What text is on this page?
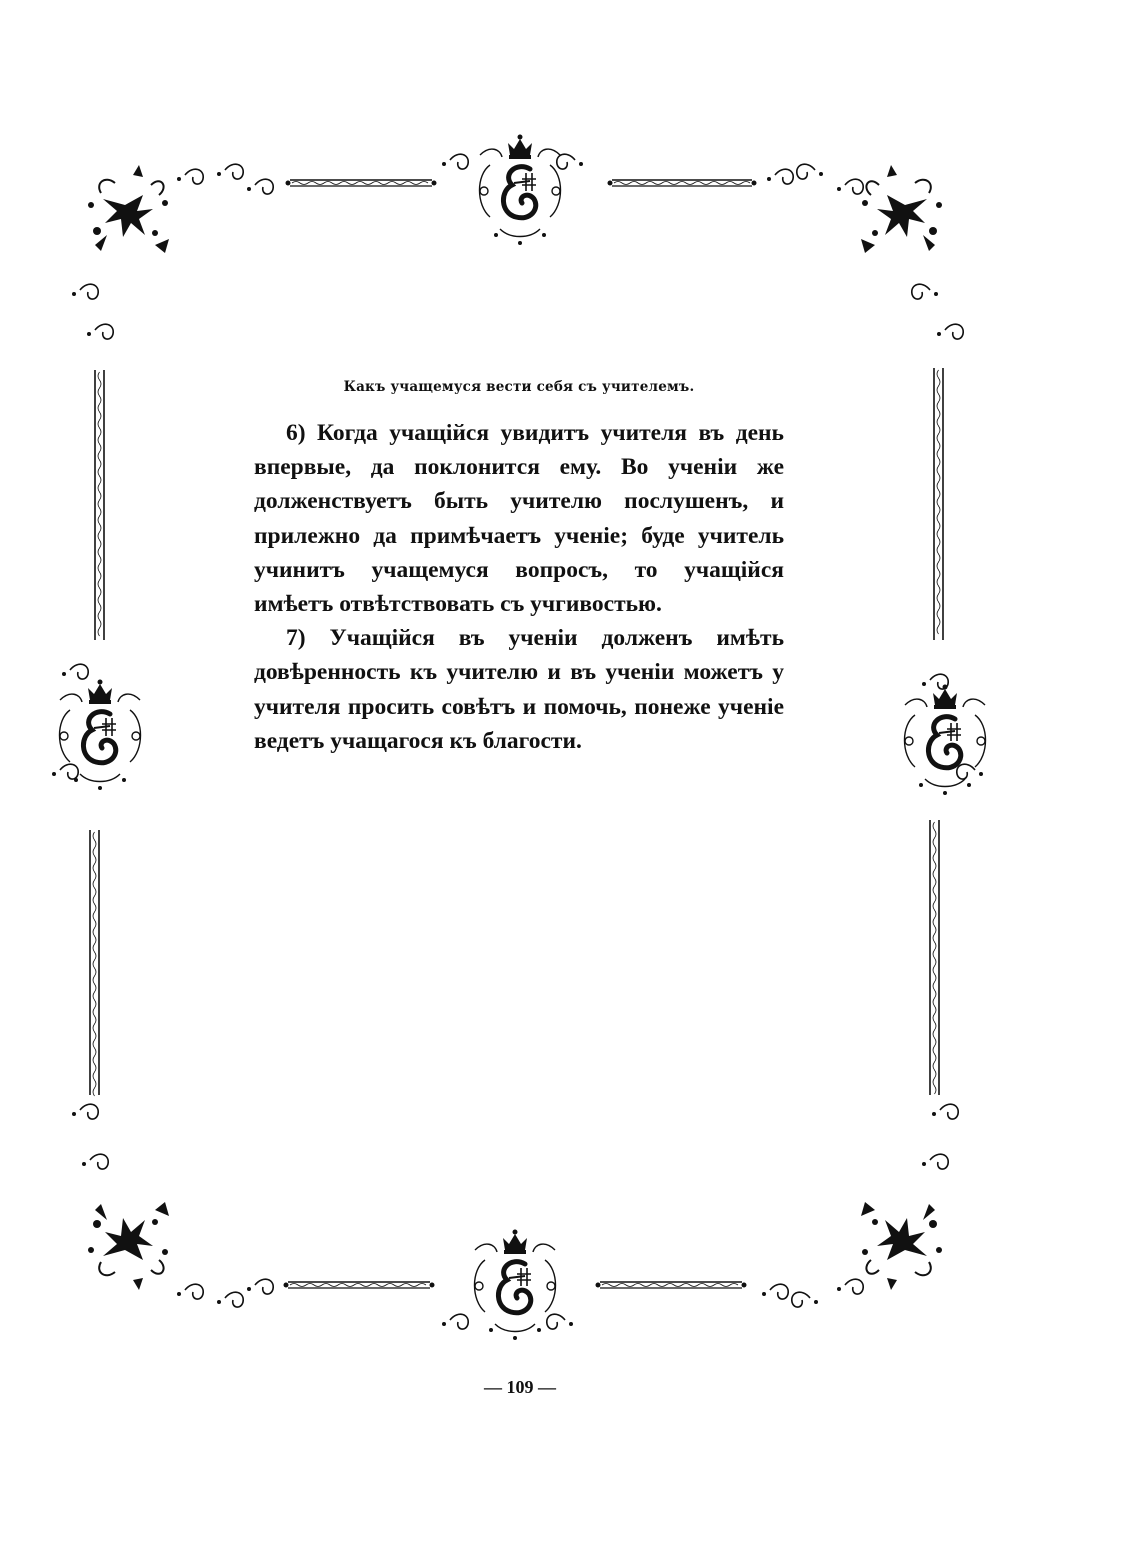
Какъ учащемуся вести себя съ учителемъ.

6) Когда учащійся увидитъ учителя въ день впервые, да поклонится ему. Во ученіи же долженствуетъ быть учителю послушенъ, и прилежно да примѣчаетъ ученіе; буде учитель учинитъ учащемуся вопросъ, то учащійся имѣетъ отвѣтствовать съ учгивостью.

7) Учащійся въ ученіи долженъ имѣть довѣренность къ учителю и въ ученіи можетъ у учителя просить совѣтъ и помочь, понеже ученіе ведетъ учащагося къ благости.

— 109 —
